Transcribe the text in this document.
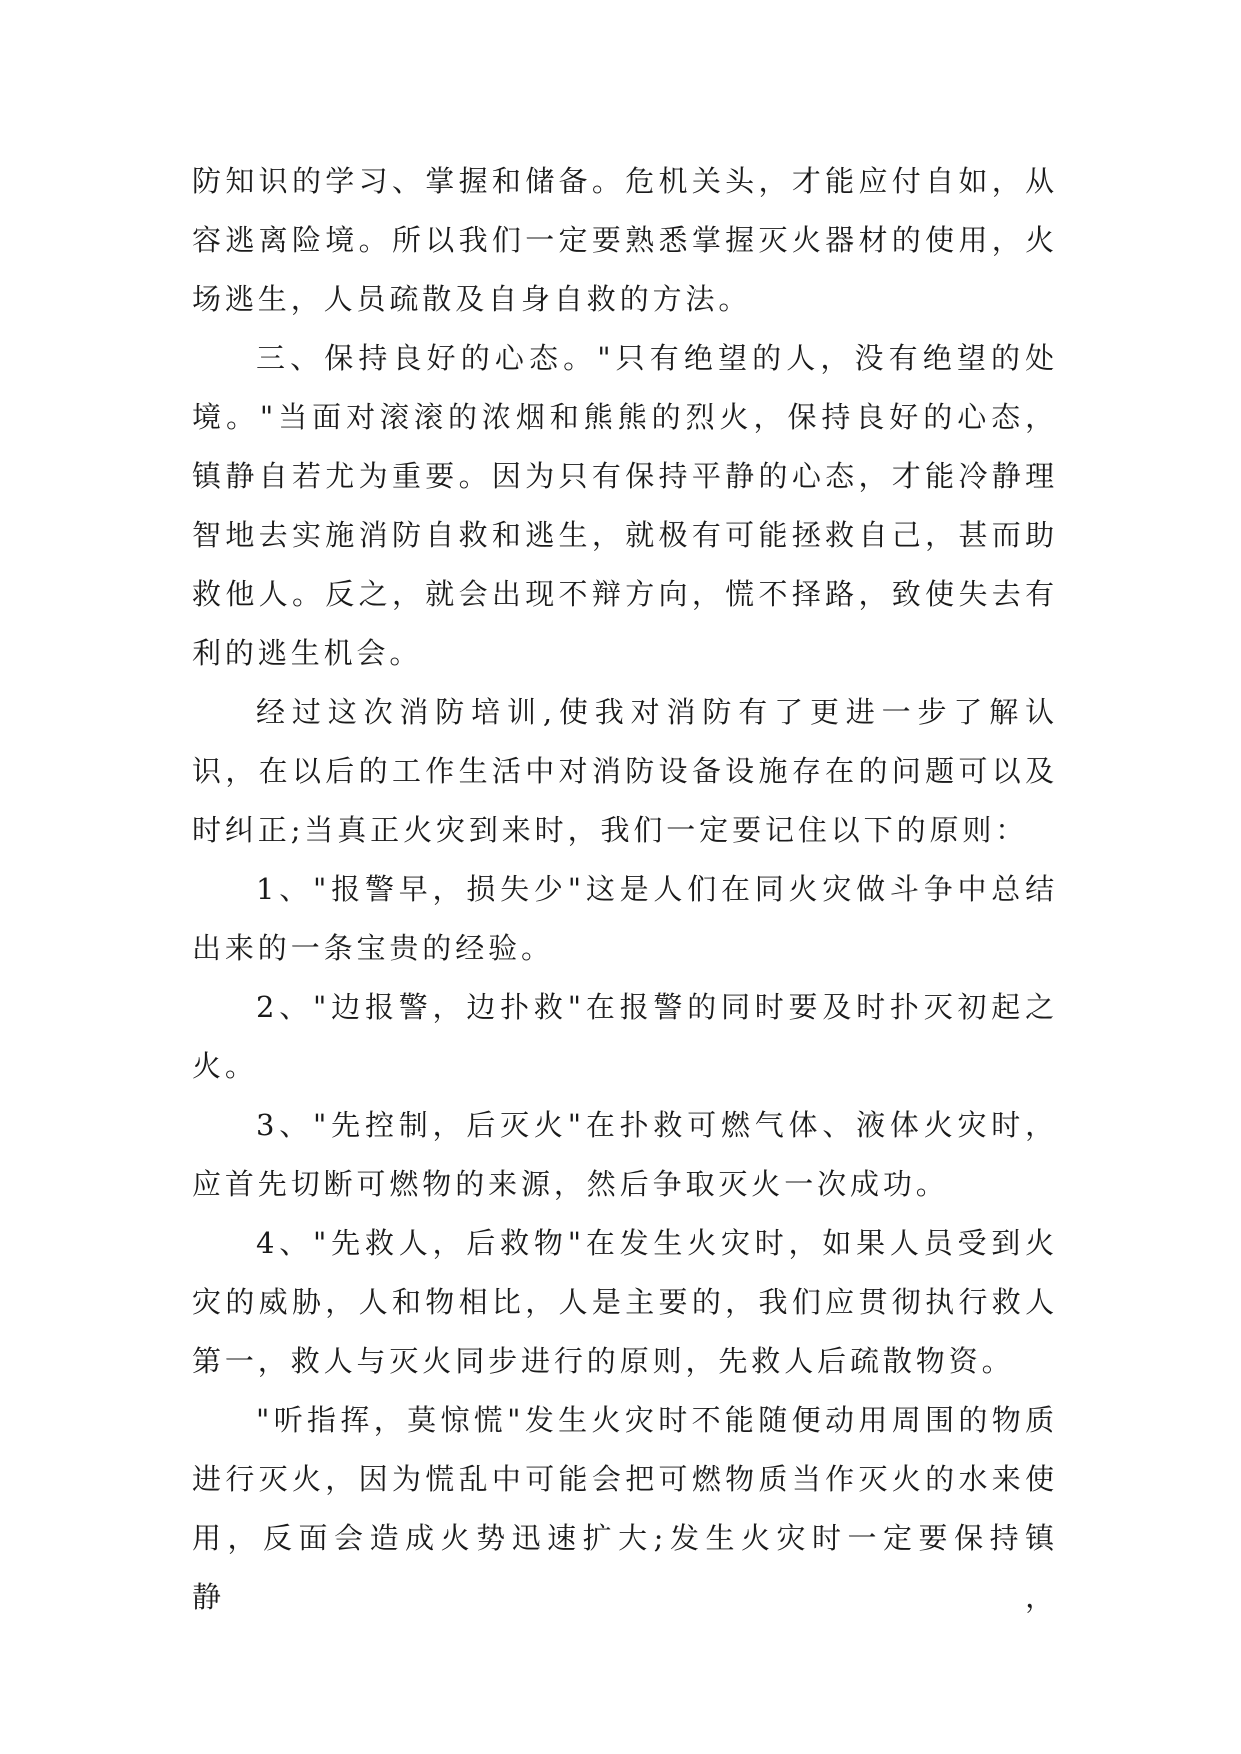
防知识的学习、掌握和储备。危机关头，才能应付自如，从容逃离险境。所以我们一定要熟悉掌握灭火器材的使用，火场逃生，人员疏散及自身自救的方法。

三、保持良好的心态。"只有绝望的人，没有绝望的处境。"当面对滚滚的浓烟和熊熊的烈火，保持良好的心态，镇静自若尤为重要。因为只有保持平静的心态，才能冷静理智地去实施消防自救和逃生，就极有可能拯救自己，甚而助救他人。反之，就会出现不辩方向，慌不择路，致使失去有利的逃生机会。

经过这次消防培训,使我对消防有了更进一步了解认识，在以后的工作生活中对消防设备设施存在的问题可以及时纠正;当真正火灾到来时，我们一定要记住以下的原则：

1、"报警早，损失少"这是人们在同火灾做斗争中总结出来的一条宝贵的经验。

2、"边报警，边扑救"在报警的同时要及时扑灭初起之火。

3、"先控制，后灭火"在扑救可燃气体、液体火灾时，应首先切断可燃物的来源，然后争取灭火一次成功。

4、"先救人，后救物"在发生火灾时，如果人员受到火灾的威胁，人和物相比，人是主要的，我们应贯彻执行救人第一，救人与灭火同步进行的原则，先救人后疏散物资。

"听指挥，莫惊慌"发生火灾时不能随便动用周围的物质进行灭火，因为慌乱中可能会把可燃物质当作灭火的水来使用，反面会造成火势迅速扩大;发生火灾时一定要保持镇静，
